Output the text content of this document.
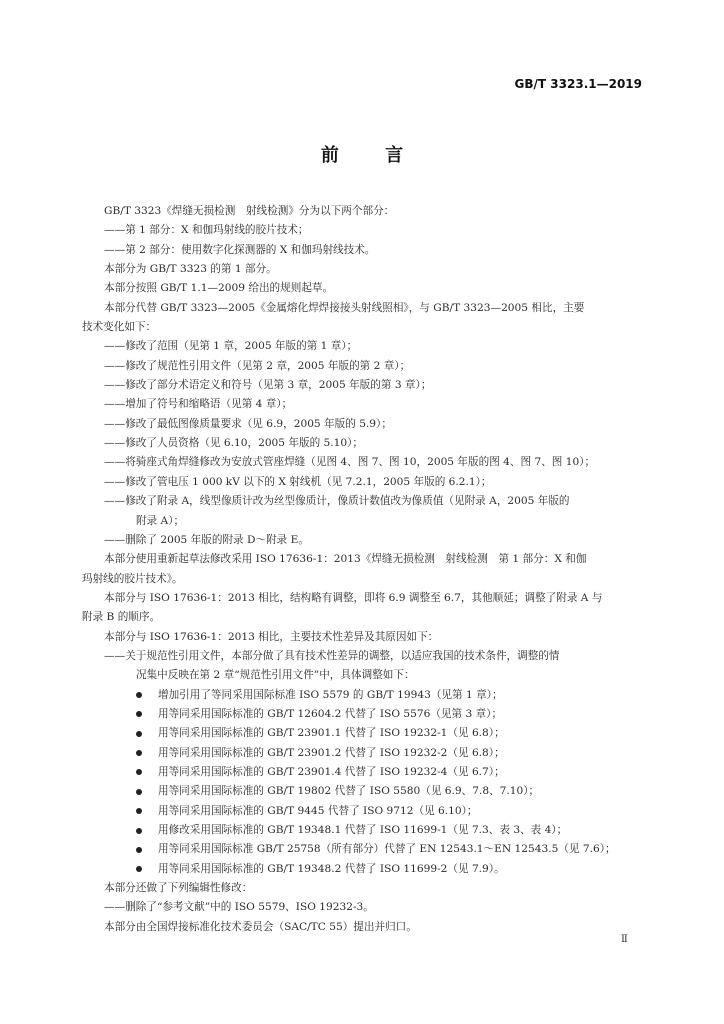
GB/T 3323.1—2019
前 言
GB/T 3323《焊缝无损检测　射线检测》分为以下两个部分：
——第 1 部分：X 和伽玛射线的胶片技术；
——第 2 部分：使用数字化探测器的 X 和伽玛射线技术。
本部分为 GB/T 3323 的第 1 部分。
本部分按照 GB/T 1.1—2009 给出的规则起草。
本部分代替 GB/T 3323—2005《金属熔化焊焊接接头射线照相》，与 GB/T 3323—2005 相比，主要
技术变化如下：
——修改了范围（见第 1 章，2005 年版的第 1 章）；
——修改了规范性引用文件（见第 2 章，2005 年版的第 2 章）；
——修改了部分术语定义和符号（见第 3 章，2005 年版的第 3 章）；
——增加了符号和缩略语（见第 4 章）；
——修改了最低图像质量要求（见 6.9，2005 年版的 5.9）；
——修改了人员资格（见 6.10，2005 年版的 5.10）；
——将骑座式角焊缝修改为安放式管座焊缝（见图 4、图 7、图 10，2005 年版的图 4、图 7、图 10）；
——修改了管电压 1 000 kV 以下的 X 射线机（见 7.2.1，2005 年版的 6.2.1）；
——修改了附录 A，线型像质计改为丝型像质计，像质计数值改为像质值（见附录 A，2005 年版的
附录 A）；
——删除了 2005 年版的附录 D～附录 E。
本部分使用重新起草法修改采用 ISO 17636-1：2013《焊缝无损检测　射线检测　第 1 部分：X 和伽
玛射线的胶片技术》。
本部分与 ISO 17636-1：2013 相比，结构略有调整，即将 6.9 调整至 6.7，其他顺延；调整了附录 A 与
附录 B 的顺序。
本部分与 ISO 17636-1：2013 相比，主要技术性差异及其原因如下：
——关于规范性引用文件，本部分做了具有技术性差异的调整，以适应我国的技术条件，调整的情
况集中反映在第 2 章“规范性引用文件”中，具体调整如下：
增加引用了等同采用国际标准 ISO 5579 的 GB/T 19943（见第 1 章）；
用等同采用国际标准的 GB/T 12604.2 代替了 ISO 5576（见第 3 章）；
用等同采用国际标准的 GB/T 23901.1 代替了 ISO 19232-1（见 6.8）；
用等同采用国际标准的 GB/T 23901.2 代替了 ISO 19232-2（见 6.8）；
用等同采用国际标准的 GB/T 23901.4 代替了 ISO 19232-4（见 6.7）；
用等同采用国际标准的 GB/T 19802 代替了 ISO 5580（见 6.9、7.8、7.10）；
用等同采用国际标准的 GB/T 9445 代替了 ISO 9712（见 6.10）；
用修改采用国际标准的 GB/T 19348.1 代替了 ISO 11699-1（见 7.3、表 3、表 4）；
用等同采用国际标准 GB/T 25758（所有部分）代替了 EN 12543.1～EN 12543.5（见 7.6）；
用等同采用国际标准的 GB/T 19348.2 代替了 ISO 11699-2（见 7.9）。
本部分还做了下列编辑性修改：
——删除了“参考文献”中的 ISO 5579、ISO 19232-3。
本部分由全国焊接标准化技术委员会（SAC/TC 55）提出并归口。
Ⅱ
